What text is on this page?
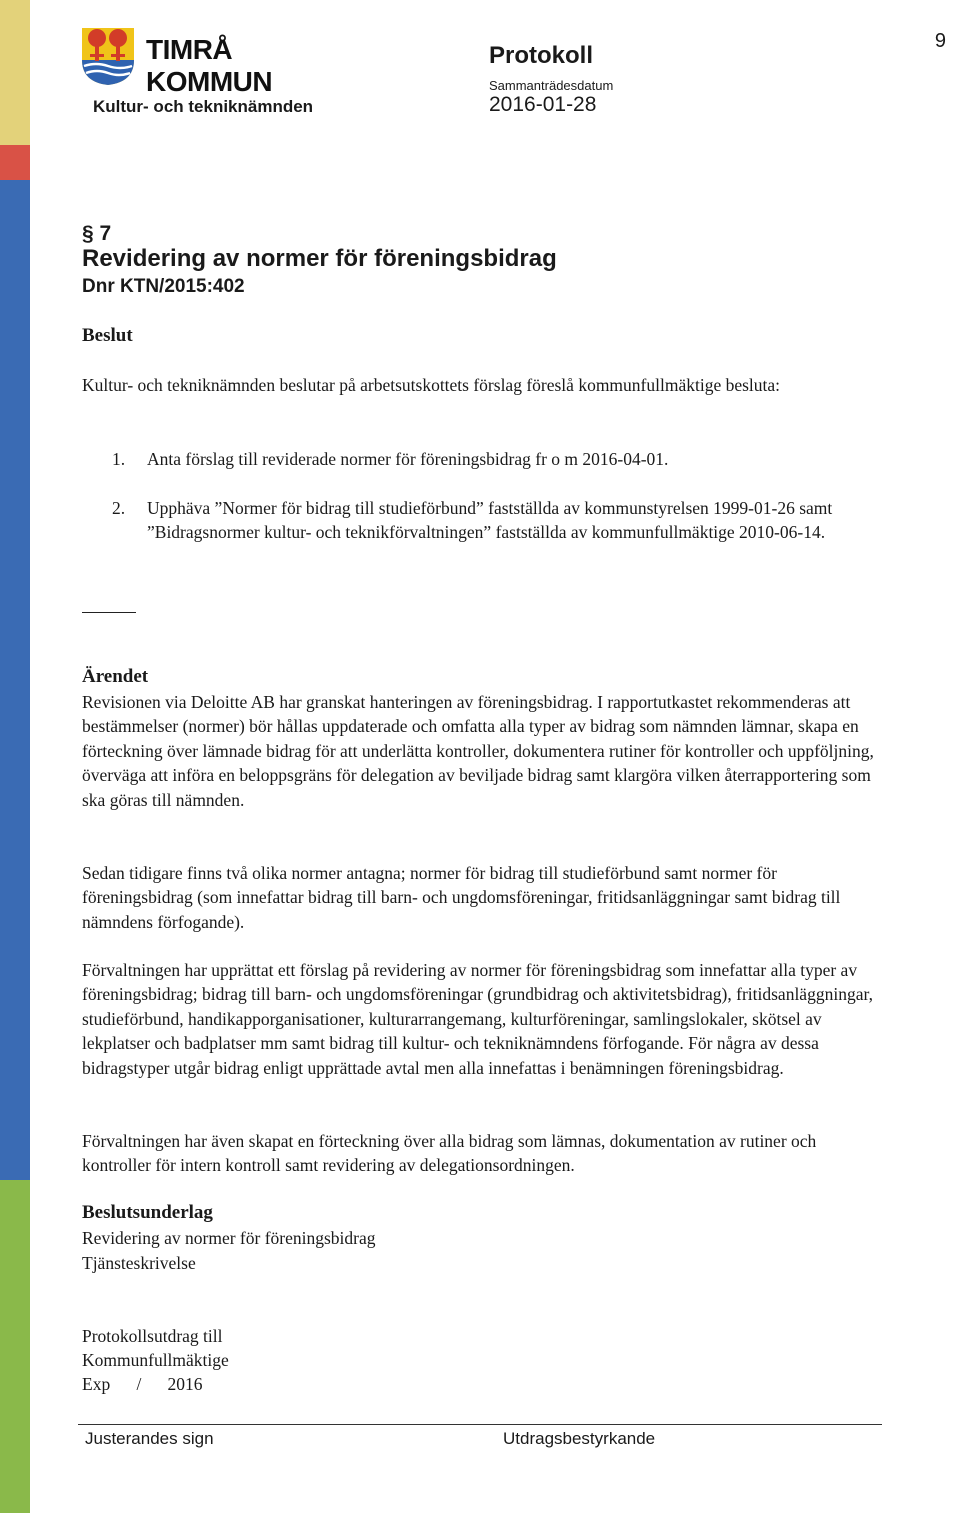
9
TIMRÅ KOMMUN
Kultur- och tekniknämnden
Protokoll
Sammanträdesdatum
2016-01-28
§ 7
Revidering av normer för föreningsbidrag
Dnr KTN/2015:402
Beslut

Kultur- och tekniknämnden beslutar på arbetsutskottets förslag föreslå kommunfullmäktige besluta:

1. Anta förslag till reviderade normer för föreningsbidrag fr o m 2016-04-01.
2. Upphäva ”Normer för bidrag till studieförbund” fastställda av kommunstyrelsen 1999-01-26 samt ”Bidragsnormer kultur- och teknikförvaltningen” fastställda av kommunfullmäktige 2010-06-14.
Ärendet

Revisionen via Deloitte AB har granskat hanteringen av föreningsbidrag. I rapportutkastet rekommenderas att bestämmelser (normer) bör hållas uppdaterade och omfatta alla typer av bidrag som nämnden lämnar, skapa en förteckning över lämnade bidrag för att underlätta kontroller, dokumentera rutiner för kontroller och uppföljning, överväga att införa en beloppsgräns för delegation av beviljade bidrag samt klargöra vilken återrapportering som ska göras till nämnden.

Sedan tidigare finns två olika normer antagna; normer för bidrag till studieförbund samt normer för föreningsbidrag (som innefattar bidrag till barn- och ungdomsföreningar, fritidsanläggningar samt bidrag till nämndens förfogande).

Förvaltningen har upprättat ett förslag på revidering av normer för föreningsbidrag som innefattar alla typer av föreningsbidrag; bidrag till barn- och ungdomsföreningar (grundbidrag och aktivitetsbidrag), fritidsanläggningar, studieförbund, handikapporganisationer, kulturarrangemang, kulturföreningar, samlingslokaler, skötsel av lekplatser och badplatser mm samt bidrag till kultur- och tekniknämndens förfogande. För några av dessa bidragstyper utgår bidrag enligt upprättade avtal men alla innefattas i benämningen föreningsbidrag.

Förvaltningen har även skapat en förteckning över alla bidrag som lämnas, dokumentation av rutiner och kontroller för intern kontroll samt revidering av delegationsordningen.

Beslutsunderlag
Revidering av normer för föreningsbidrag
Tjänsteskrivelse
Protokollsutdrag till
Kommunfullmäktige
Exp      /      2016
Justerandes sign	Utdragsbestyrkande
